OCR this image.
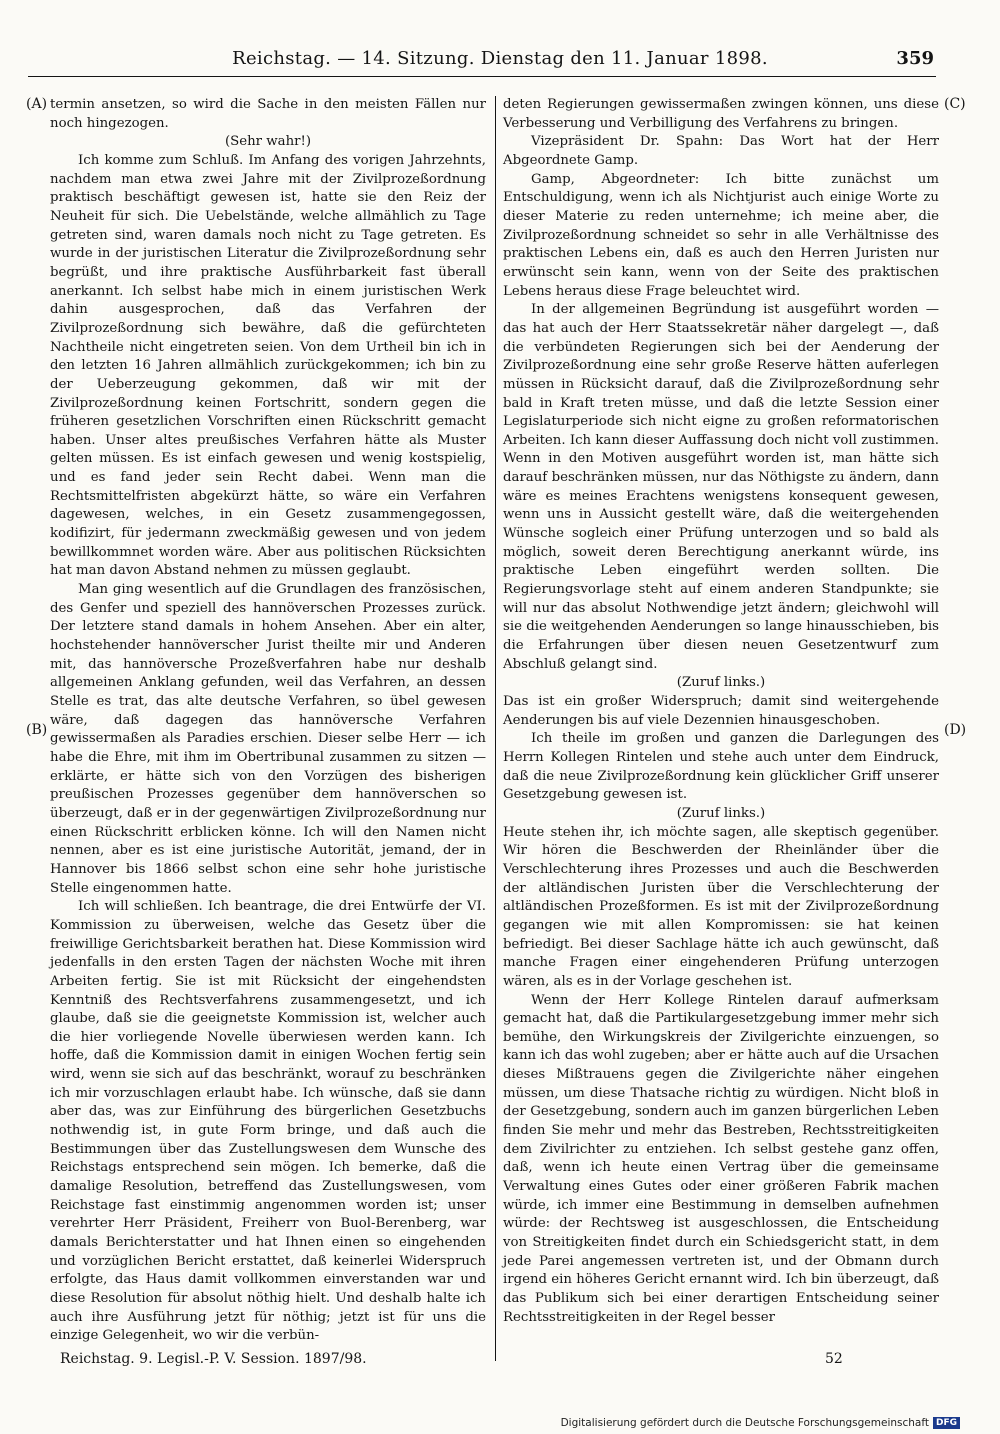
Reichstag. — 14. Sitzung. Dienstag den 11. Januar 1898.	359
(A)
(B)
(C)
(D)

termin ansetzen, so wird die Sache in den meisten Fällen nur noch hingezogen.

(Sehr wahr!)

Ich komme zum Schluß. Im Anfang des vorigen Jahrzehnts, nachdem man etwa zwei Jahre mit der Zivilprozeßordnung praktisch beschäftigt gewesen ist, hatte sie den Reiz der Neuheit für sich. Die Uebelstände, welche allmählich zu Tage getreten sind, waren damals noch nicht zu Tage getreten. Es wurde in der juristischen Literatur die Zivilprozeßordnung sehr begrüßt, und ihre praktische Ausführbarkeit fast überall anerkannt. Ich selbst habe mich in einem juristischen Werk dahin ausgesprochen, daß das Verfahren der Zivilprozeßordnung sich bewähre, daß die gefürchteten Nachtheile nicht eingetreten seien. Von dem Urtheil bin ich in den letzten 16 Jahren allmählich zurückgekommen; ich bin zu der Ueberzeugung gekommen, daß wir mit der Zivilprozeßordnung keinen Fortschritt, sondern gegen die früheren gesetzlichen Vorschriften einen Rückschritt gemacht haben. Unser altes preußisches Verfahren hätte als Muster gelten müssen. Es ist einfach gewesen und wenig kostspielig, und es fand jeder sein Recht dabei. Wenn man die Rechtsmittelfristen abgekürzt hätte, so wäre ein Verfahren dagewesen, welches, in ein Gesetz zusammengegossen, kodifizirt, für jedermann zweckmäßig gewesen und von jedem bewillkommnet worden wäre. Aber aus politischen Rücksichten hat man davon Abstand nehmen zu müssen geglaubt.

Man ging wesentlich auf die Grundlagen des französischen, des Genfer und speziell des hannöverschen Prozesses zurück. Der letztere stand damals in hohem Ansehen. Aber ein alter, hochstehender hannöverscher Jurist theilte mir und Anderen mit, das hannöversche Prozeßverfahren habe nur deshalb allgemeinen Anklang gefunden, weil das Verfahren, an dessen Stelle es trat, das alte deutsche Verfahren, so übel gewesen wäre, daß dagegen das hannöversche Verfahren gewissermaßen als Paradies erschien. Dieser selbe Herr — ich habe die Ehre, mit ihm im Obertribunal zusammen zu sitzen — erklärte, er hätte sich von den Vorzügen des bisherigen preußischen Prozesses gegenüber dem hannöverschen so überzeugt, daß er in der gegenwärtigen Zivilprozeßordnung nur einen Rückschritt erblicken könne. Ich will den Namen nicht nennen, aber es ist eine juristische Autorität, jemand, der in Hannover bis 1866 selbst schon eine sehr hohe juristische Stelle eingenommen hatte.

Ich will schließen. Ich beantrage, die drei Entwürfe der VI. Kommission zu überweisen, welche das Gesetz über die freiwillige Gerichtsbarkeit berathen hat. Diese Kommission wird jedenfalls in den ersten Tagen der nächsten Woche mit ihren Arbeiten fertig. Sie ist mit Rücksicht der eingehendsten Kenntniß des Rechtsverfahrens zusammengesetzt, und ich glaube, daß sie die geeignetste Kommission ist, welcher auch die hier vorliegende Novelle überwiesen werden kann. Ich hoffe, daß die Kommission damit in einigen Wochen fertig sein wird, wenn sie sich auf das beschränkt, worauf zu beschränken ich mir vorzuschlagen erlaubt habe. Ich wünsche, daß sie dann aber das, was zur Einführung des bürgerlichen Gesetzbuchs nothwendig ist, in gute Form bringe, und daß auch die Bestimmungen über das Zustellungswesen dem Wunsche des Reichstags entsprechend sein mögen. Ich bemerke, daß die damalige Resolution, betreffend das Zustellungswesen, vom Reichstage fast einstimmig angenommen worden ist; unser verehrter Herr Präsident, Freiherr von Buol-Berenberg, war damals Berichterstatter und hat Ihnen einen so eingehenden und vorzüglichen Bericht erstattet, daß keinerlei Widerspruch erfolgte, das Haus damit vollkommen einverstanden war und diese Resolution für absolut nöthig hielt. Und deshalb halte ich auch ihre Ausführung jetzt für nöthig; jetzt ist für uns die einzige Gelegenheit, wo wir die verbün-

deten Regierungen gewissermaßen zwingen können, uns diese Verbesserung und Verbilligung des Verfahrens zu bringen.

Vizepräsident Dr. Spahn: Das Wort hat der Herr Abgeordnete Gamp.

Gamp, Abgeordneter: Ich bitte zunächst um Entschuldigung, wenn ich als Nichtjurist auch einige Worte zu dieser Materie zu reden unternehme; ich meine aber, die Zivilprozeßordnung schneidet so sehr in alle Verhältnisse des praktischen Lebens ein, daß es auch den Herren Juristen nur erwünscht sein kann, wenn von der Seite des praktischen Lebens heraus diese Frage beleuchtet wird.

In der allgemeinen Begründung ist ausgeführt worden — das hat auch der Herr Staatssekretär näher dargelegt —, daß die verbündeten Regierungen sich bei der Aenderung der Zivilprozeßordnung eine sehr große Reserve hätten auferlegen müssen in Rücksicht darauf, daß die Zivilprozeßordnung sehr bald in Kraft treten müsse, und daß die letzte Session einer Legislaturperiode sich nicht eigne zu großen reformatorischen Arbeiten. Ich kann dieser Auffassung doch nicht voll zustimmen. Wenn in den Motiven ausgeführt worden ist, man hätte sich darauf beschränken müssen, nur das Nöthigste zu ändern, dann wäre es meines Erachtens wenigstens konsequent gewesen, wenn uns in Aussicht gestellt wäre, daß die weitergehenden Wünsche sogleich einer Prüfung unterzogen und so bald als möglich, soweit deren Berechtigung anerkannt würde, ins praktische Leben eingeführt werden sollten. Die Regierungsvorlage steht auf einem anderen Standpunkte; sie will nur das absolut Nothwendige jetzt ändern; gleichwohl will sie die weitgehenden Aenderungen so lange hinausschieben, bis die Erfahrungen über diesen neuen Gesetzentwurf zum Abschluß gelangt sind.

(Zuruf links.)

Das ist ein großer Widerspruch; damit sind weitergehende Aenderungen bis auf viele Dezennien hinausgeschoben.

Ich theile im großen und ganzen die Darlegungen des Herrn Kollegen Rintelen und stehe auch unter dem Eindruck, daß die neue Zivilprozeßordnung kein glücklicher Griff unserer Gesetzgebung gewesen ist.

(Zuruf links.)

Heute stehen ihr, ich möchte sagen, alle skeptisch gegenüber. Wir hören die Beschwerden der Rheinländer über die Verschlechterung ihres Prozesses und auch die Beschwerden der altländischen Juristen über die Verschlechterung der altländischen Prozeßformen. Es ist mit der Zivilprozeßordnung gegangen wie mit allen Kompromissen: sie hat keinen befriedigt. Bei dieser Sachlage hätte ich auch gewünscht, daß manche Fragen einer eingehenderen Prüfung unterzogen wären, als es in der Vorlage geschehen ist.

Wenn der Herr Kollege Rintelen darauf aufmerksam gemacht hat, daß die Partikulargesetzgebung immer mehr sich bemühe, den Wirkungskreis der Zivilgerichte einzuengen, so kann ich das wohl zugeben; aber er hätte auch auf die Ursachen dieses Mißtrauens gegen die Zivilgerichte näher eingehen müssen, um diese Thatsache richtig zu würdigen. Nicht bloß in der Gesetzgebung, sondern auch im ganzen bürgerlichen Leben finden Sie mehr und mehr das Bestreben, Rechtsstreitigkeiten dem Zivilrichter zu entziehen. Ich selbst gestehe ganz offen, daß, wenn ich heute einen Vertrag über die gemeinsame Verwaltung eines Gutes oder einer größeren Fabrik machen würde, ich immer eine Bestimmung in demselben aufnehmen würde: der Rechtsweg ist ausgeschlossen, die Entscheidung von Streitigkeiten findet durch ein Schiedsgericht statt, in dem jede Parei angemessen vertreten ist, und der Obmann durch irgend ein höheres Gericht ernannt wird. Ich bin überzeugt, daß das Publikum sich bei einer derartigen Entscheidung seiner Rechtsstreitigkeiten in der Regel besser

Reichstag. 9. Legisl.-P. V. Session. 1897/98.	52
Digitalisierung gefördert durch die Deutsche Forschungsgemeinschaft DFG
